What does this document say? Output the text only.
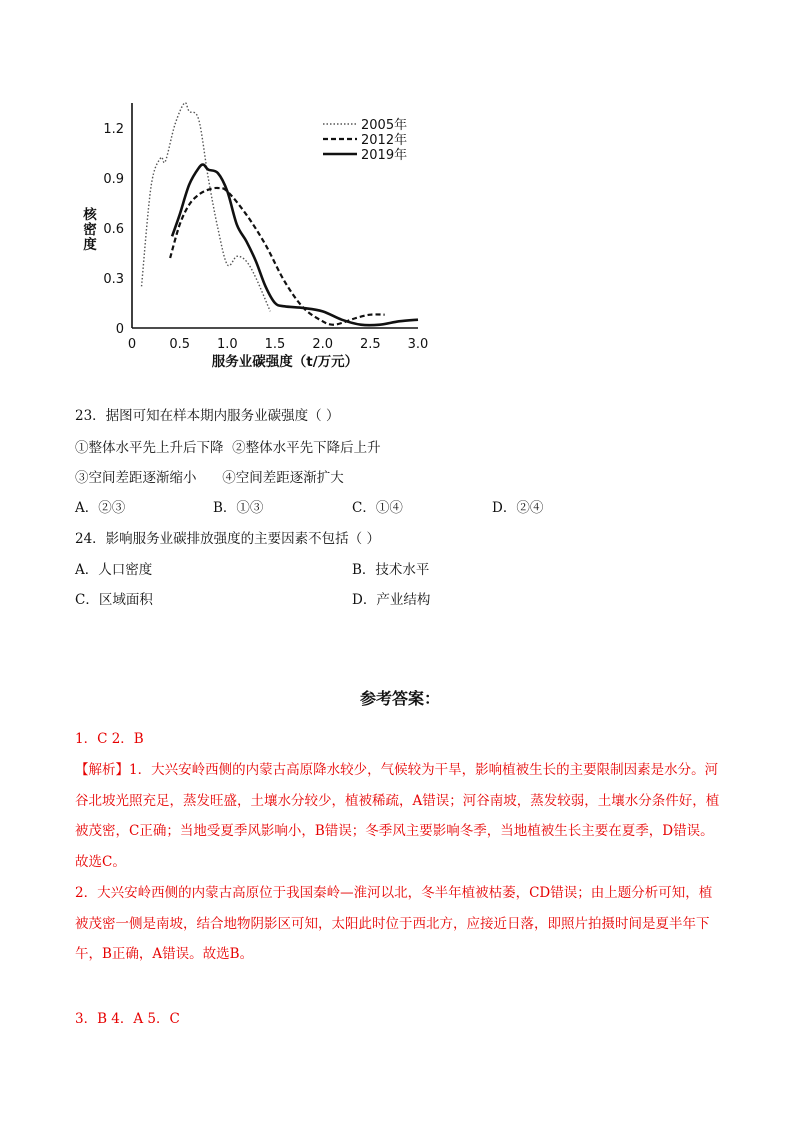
0	0.5 1.0 1.5 2.0 2.5 3.0
0
0.3
0.6
0.9
1.2	2005年
2012年
2019年
服务业碳强度（t/万元）
核
密
度
23．据图可知在样本期内服务业碳强度（ ）
①整体水平先上升后下降 ②整体水平先下降后上升
③空间差距逐渐缩小 ④空间差距逐渐扩大
A．②③	B．①③	C．①④	D．②④
24．影响服务业碳排放强度的主要因素不包括（ ）
A．人口密度	B．技术水平
C．区域面积	D．产业结构
参考答案：
1．C 2．B
【解析】1．大兴安岭西侧的内蒙古高原降水较少，气候较为干旱，影响植被生长的主要限制因素是水分。河谷北坡光照充足，蒸发旺盛，土壤水分较少，植被稀疏，A错误；河谷南坡，蒸发较弱，土壤水分条件好，植被茂密，C正确；当地受夏季风影响小，B错误；冬季风主要影响冬季，当地植被生长主要在夏季，D错误。故选C。
2．大兴安岭西侧的内蒙古高原位于我国秦岭—淮河以北，冬半年植被枯萎，CD错误；由上题分析可知，植被茂密一侧是南坡，结合地物阴影区可知，太阳此时位于西北方，应接近日落，即照片拍摄时间是夏半年下午，B正确，A错误。故选B。
3．B 4．A 5．C
